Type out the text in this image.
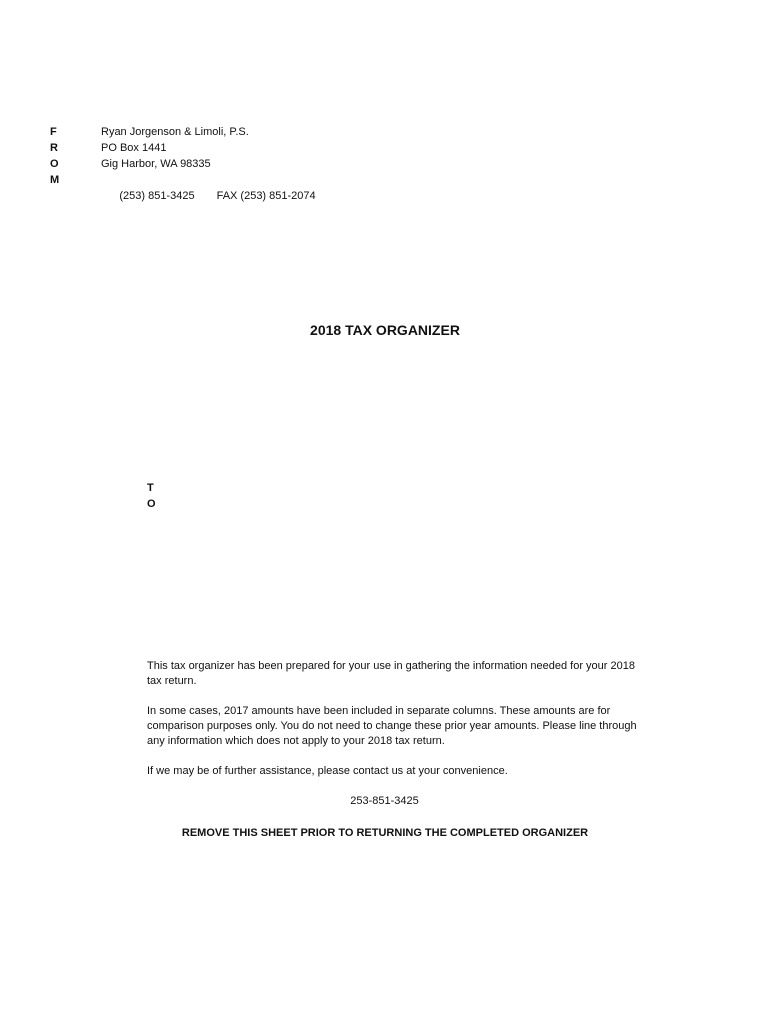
F
R
O
M
Ryan Jorgenson & Limoli, P.S.
PO Box 1441
Gig Harbor, WA 98335

(253) 851-3425 FAX (253) 851-2074

2018 TAX ORGANIZER
T
O

This tax organizer has been prepared for your use in gathering the information needed for your 2018 tax return.

In some cases, 2017 amounts have been included in separate columns. These amounts are for comparison purposes only. You do not need to change these prior year amounts. Please line through any information which does not apply to your 2018 tax return.

If we may be of further assistance, please contact us at your convenience.

253-851-3425
REMOVE THIS SHEET PRIOR TO RETURNING THE COMPLETED ORGANIZER
